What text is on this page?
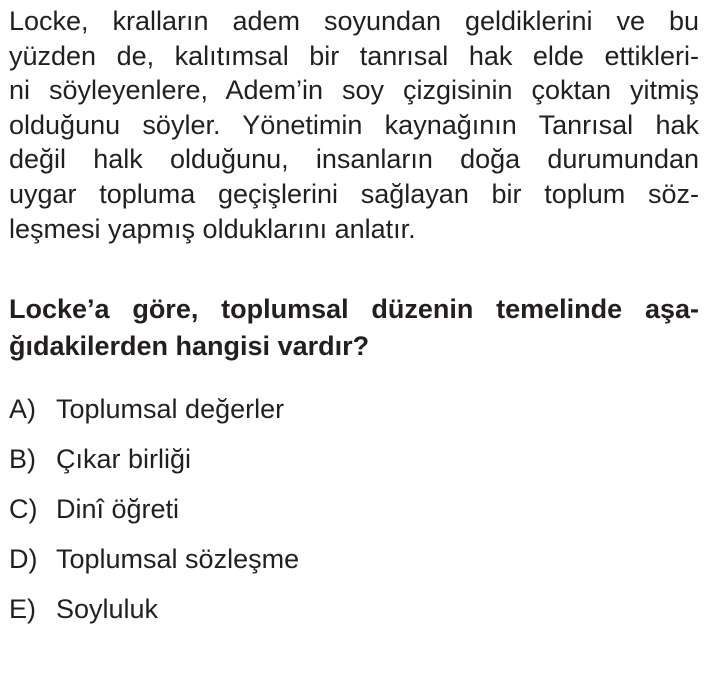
Locke, kralların adem soyundan geldiklerini ve bu
yüzden de, kalıtımsal bir tanrısal hak elde ettikleri-
ni söyleyenlere, Adem’in soy çizgisinin çoktan yitmiş
olduğunu söyler. Yönetimin kaynağının Tanrısal hak
değil halk olduğunu, insanların doğa durumundan
uygar topluma geçişlerini sağlayan bir toplum söz-
leşmesi yapmış olduklarını anlatır.
Locke’a göre, toplumsal düzenin temelinde aşa-
ğıdakilerden hangisi vardır?
A) Toplumsal değerler
B) Çıkar birliği
C) Dinî öğreti
D) Toplumsal sözleşme
E) Soyluluk
